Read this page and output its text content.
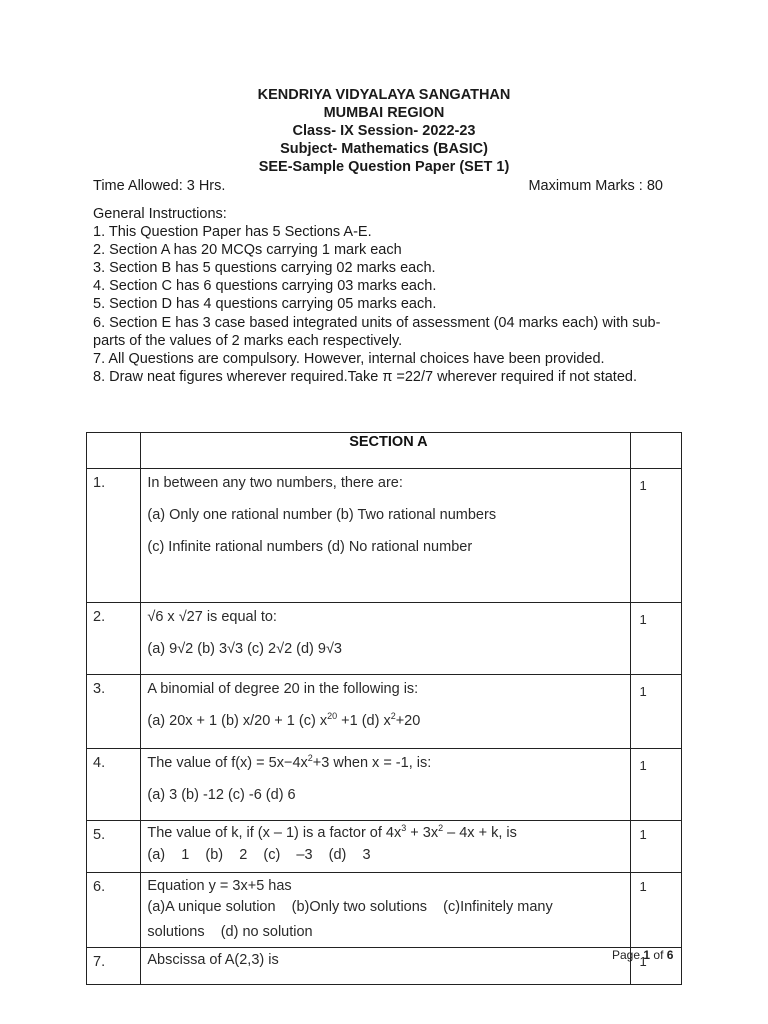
KENDRIYA VIDYALAYA SANGATHAN
MUMBAI REGION
Class- IX Session- 2022-23
Subject- Mathematics (BASIC)
SEE-Sample Question Paper (SET 1)
Time Allowed: 3 Hrs.	Maximum Marks : 80
General Instructions:
1. This Question Paper has 5 Sections A-E.
2. Section A has 20 MCQs carrying 1 mark each
3. Section B has 5 questions carrying 02 marks each.
4. Section C has 6 questions carrying 03 marks each.
5. Section D has 4 questions carrying 05 marks each.
6. Section E has 3 case based integrated units of assessment (04 marks each) with sub-parts of the values of 2 marks each respectively.
7. All Questions are compulsory. However, internal choices have been provided.
8. Draw neat figures wherever required.Take π =22/7 wherever required if not stated.
	SECTION A	
1.	In between any two numbers, there are:

(a) Only one rational number (b) Two rational numbers

(c) Infinite rational numbers (d) No rational number	1
2.	√6 x √27 is equal to:

(a) 9√2 (b) 3√3 (c) 2√2 (d) 9√3	1
3.	A binomial of degree 20 in the following is:

(a) 20x + 1 (b) x/20 + 1 (c) $x^{20} +1$ (d) $x^2+20$	1
4.	The value of $f(x) = 5x-4x^2+3$ when x = -1, is:

(a) 3 (b) -12 (c) -6 (d) 6	1
5.	The value of k, if (x – 1) is a factor of $4x^3 + 3x^2 - 4x + k$, is

(a)    1    (b)    2    (c)    –3    (d)    3	1
6.	Equation y = 3x+5 has

(a)A unique solution    (b)Only two solutions    (c)Infinitely many

solutions    (d) no solution	1
7.	Abscissa of A(2,3) is	1
Page 1 of 6
